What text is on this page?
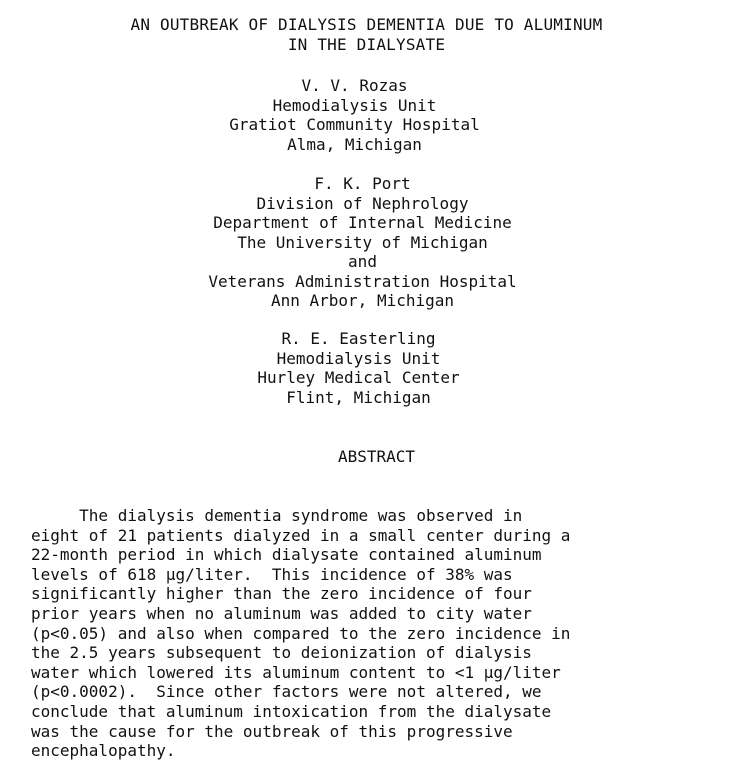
AN OUTBREAK OF DIALYSIS DEMENTIA DUE TO ALUMINUM
IN THE DIALYSATE
V. V. Rozas
Hemodialysis Unit
Gratiot Community Hospital
Alma, Michigan
F. K. Port
Division of Nephrology
Department of Internal Medicine
The University of Michigan
and
Veterans Administration Hospital
Ann Arbor, Michigan
R. E. Easterling
Hemodialysis Unit
Hurley Medical Center
Flint, Michigan
ABSTRACT
The dialysis dementia syndrome was observed in
eight of 21 patients dialyzed in a small center during a
22-month period in which dialysate contained aluminum
levels of 618 µg/liter.  This incidence of 38% was
significantly higher than the zero incidence of four
prior years when no aluminum was added to city water
(p<0.05) and also when compared to the zero incidence in
the 2.5 years subsequent to deionization of dialysis
water which lowered its aluminum content to <1 µg/liter
(p<0.0002).  Since other factors were not altered, we
conclude that aluminum intoxication from the dialysate
was the cause for the outbreak of this progressive
encephalopathy.
